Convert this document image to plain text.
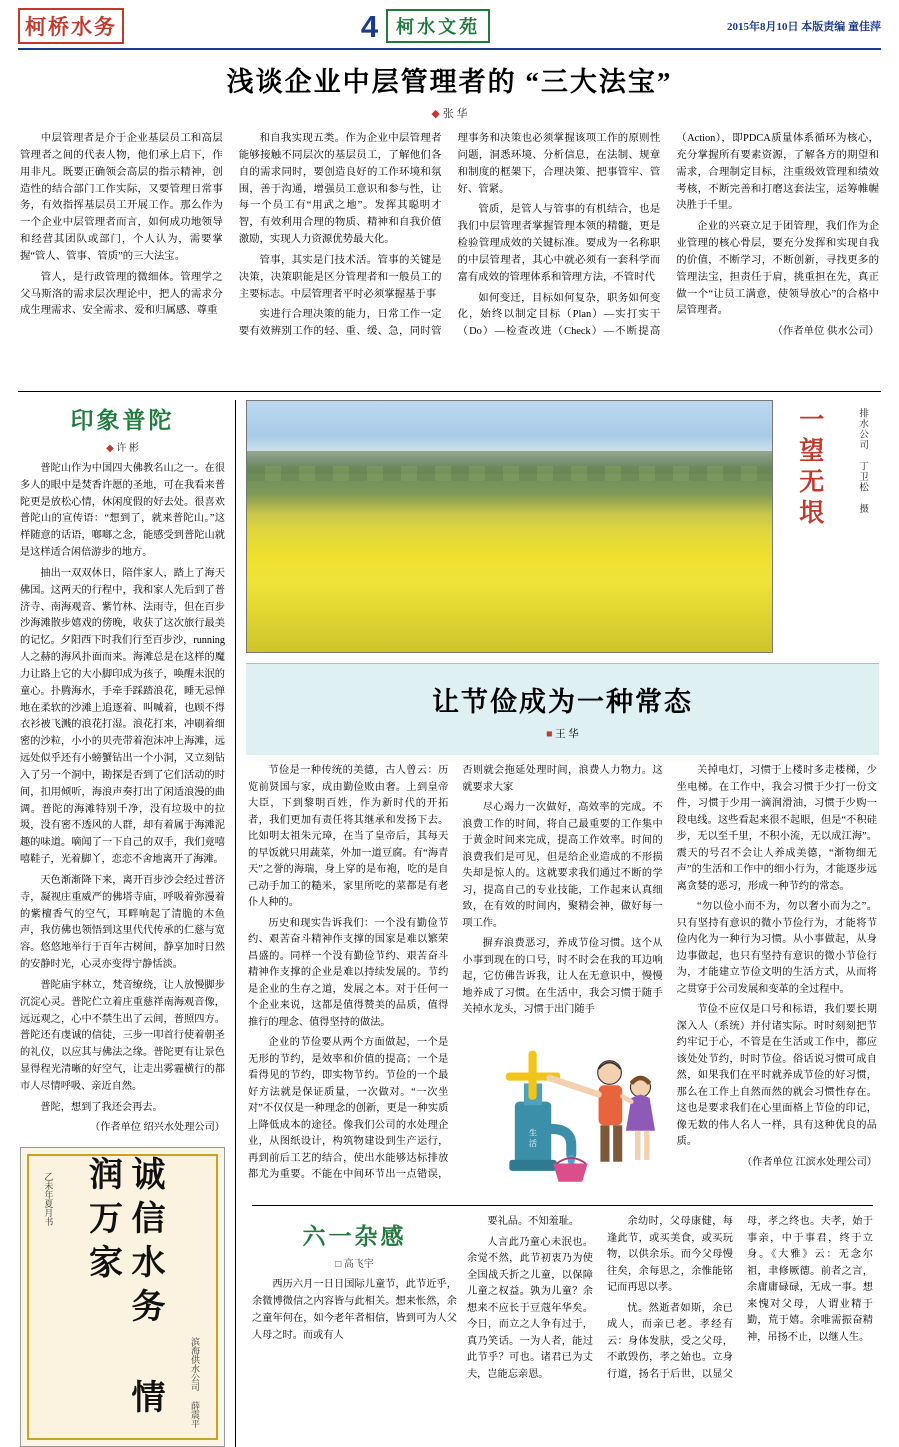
柯桥水务	4	柯水文苑	2015年8月10日 本版责编 童佳萍
浅谈企业中层管理者的 “三大法宝”
◆ 张 华

中层管理者是介于企业基层员工和高层管理者之间的代表人物，他们承上启下，作用非凡。既要正确领会高层的指示精神，创造性的结合部门工作实际，又要管理日常事务，有效指挥基层员工开展工作。那么作为一个企业中层管理者而言，如何成功地领导和经营其团队或部门，个人认为，需要掌握“管人、管事、管质”的三大法宝。

管人，是行政管理的微细体。管理学之父马斯洛的需求层次理论中，把人的需求分成生理需求、安全需求、爱和归属感、尊重

和自我实现五类。作为企业中层管理者能够接触不同层次的基层员工，了解他们各自的需求同时，要创造良好的工作环境和氛围，善于沟通，增强员工意识和参与性，让每一个员工有“用武之地”。发挥其聪明才智，有效利用合理的物质、精神和自我价值激励，实现人力资源优势最大化。

管事，其实是门技术活。管事的关键是决策，决策职能是区分管理者和一般员工的主要标志。中层管理者平时必须掌握基于事

实进行合理决策的能力，日常工作一定要有效辨别工作的轻、重、缓、急，同时管理事务和决策也必须掌握该项工作的原则性问题，洞悉环境、分析信息，在法制、规章和制度的框架下，合理决策、把事管牢、管好、管紧。

管质，是管人与管事的有机结合，也是我们中层管理者掌握管理本领的精髓，更是检验管理成效的关键标准。要成为一名称职的中层管理者，其心中就必须有一套科学而富有成效的管理体系和管理方法，不管时代

如何变迁，目标如何复杂，职务如何变化，始终以制定目标（Plan）—实打实干（Do）—检查改进（Check）—不断提高（Action），即PDCA质量体系循环为核心，充分掌握所有要素资源，了解各方的期望和需求，合理制定目标，注重级效管理和绩效考核，不断完善和打磨这套法宝，运筹帷幄 决胜于千里。

企业的兴衰立足于团管理，我们作为企业管理的核心骨层，要充分发挥和实现自我的价值，不断学习，不断创新，寻找更多的管理法宝，担责任于肩，挑重担在先，真正做一个“让员工满意，使领导放心”的合格中层管理者。

（作者单位 供水公司）

印象普陀
◆ 许 彬

普陀山作为中国四大佛教名山之一。在很多人的眼中是焚香许愿的圣地，可在我看来普陀更是放松心情，休闲度假的好去处。很喜欢普陀山的宣传语：“想到了，就来普陀山。”这样随意的话语，啷啷之念，能感受到普陀山就是这样适合闲倍游步的地方。

抽出一双双休日，陪伴家人，踏上了海天佛国。这两天的行程中，我和家人先后到了普济寺、南海观音、紫竹林、法雨寺，但在百步沙海滩散步嬉戏的傍晚，收获了这次旅行最美的记忆。夕阳西下时我们行至百步沙，running 人之赫的海风扑面而来。海滩总是在这样的魔力让路上它的大小脚印成为孩子，唤醒未泯的童心。扑腾海水，手牵手踩踏浪花，睡无忌惮地在柔软的沙滩上追逐着、叫喊着，也顾不得衣衫被飞溅的浪花打湿。浪花打来，冲刷着细密的沙粒，小小的贝壳带着泡沫冲上海滩，远远处似乎还有小螃蟹钻出一个小洞，又立刻钻入了另一个洞中，勘探是否到了它们活动的时间，扣用倾听，海浪声奏打出了闲适浪漫的曲调。普陀的海滩特别千净，没有垃圾中的拉圾，没有密不透风的人群，却有着属于海滩泥趣的味道。嘀闻了一下自己的双手，我们竟嘻嘻鞋子，光着脚丫，恋恋不舍地离开了海滩。

天色渐渐降下来，离开百步沙会经过普济寺，凝视庄重威严的佛塔寺庙，呼吸着弥漫着的紫檀香气的空气，耳畔响起了清脆的木鱼声，我仿佛也领悟到这里代代传承的仁慈与宽容。悠悠地举行于百年古树间，静享加时日然的安静时光，心灵亦变得宁静恬淡。

普陀庙宇林立，梵音缭绕，让人放慢脚步沉淀心灵。普陀伫立着庄重慈祥南海观音像，远远观之，心中不禁生出了云间，普照四方。普陀还有虔诚的信徒，三步一叩首行使着朝圣的礼仪，以应其与佛法之缘。普陀更有让景色显得程光清晰的好空气，让走出雾霾横行的都市人尽情呼吸、亲近自然。

普陀，想到了我还会再去。

（作者单位 绍兴水处理公司）

诚信水务 情润万家
乙未年夏月书
滨海供水公司 薛震平
一望无垠	排水公司 丁卫松 摄
让节俭成为一种常态
■ 王 华

节俭是一种传统的美德，古人曾云：历览前贤国与家，成由勤俭败由奢。上到皇帝大臣，下到黎明百姓，作为新时代的开拓者，我们更加有责任将其继承和发扬下去。比如明太祖朱元璋，在当了皇帝后，其每天的早饭就只用蔬菜，外加一道豆腐。有“海青天”之誉的海瑞，身上穿的是布袍，吃的是自己动手加工的糙米，家里所吃的菜都是有老仆人种的。

历史和现实告诉我们：一个没有勤俭节约、艰苦奋斗精神作支撑的国家是难以繁荣昌盛的。同样一个没有勤俭节约、艰苦奋斗精神作支撑的企业是难以持续发展的。节约是企业的生存之道，发展之本。对于任何一个企业来说，这都是值得赞美的品质，值得推行的理念、值得坚持的做法。

企业的节俭要从两个方面做起，一个是无形的节约，是效率和价值的提高；一个是看得见的节约，即实物节约。节俭的一个最好方法就是保证质量，一次做对。“一次坐对”不仅仅是一种理念的创新，更是一种实质上降低成本的途径。像我们公司的水处理企业，从图纸设计，构筑物建设到生产运行，再到前后工艺的结合，使出水能够达标排放都尤为重要。不能在中间环节出一点错误，否则就会拖延处理时间，浪费人力物力。这就要求大家

尽心竭力一次做好，高效率的完成。不浪费工作的时间，将自己最重要的工作集中于黄金时间来完成，提高工作效率。时间的浪费我们是可见，但是给企业造成的不形损失却是惊人的。这就要求我们通过不断的学习，提高自己的专业技能，工作起来认真细致，在有效的时间内，聚精会神，做好每一项工作。

摒弃浪费恶习，养成节俭习惯。这个从小事到现在的口号，时不时会在我的耳边响起，它仿佛告诉我，让人在无意识中，慢慢地养成了习惯。在生活中，我会习惯于随手关掉水龙头，习惯于出门随手

生
活

关掉电灯，习惯于上楼时多走楼梯，少坐电梯。在工作中，我会习惯于少打一份文件，习惯于少用一滴润滑油，习惯于少购一段电线。这些看起来很不起眼，但是“不积硅步，无以至千里，不积小流，无以成江海”。震天的号召不会让人养成美德，“渐物细无声”的生活和工作中的细小行为，才能逐步远离贪婪的恶习，形成一种节约的常态。

“勿以俭小而不为，勿以奢小而为之”。只有坚持有意识的微小节俭行为，才能将节俭内化为一种行为习惯。从小事做起，从身边事做起，也只有坚持有意识的微小节俭行为，才能建立节俭文明的生活方式，从而将之贯穿于公司发展和变革的全过程中。

节俭不应仅是口号和标语，我们要长期深入人（系统）并付诸实际。时时刻刻把节约牢记于心，不管是在生活或工作中，都应该处处节约，时时节俭。俗话说习惯可成自然，如果我们在平时就养成节俭的好习惯，那么在工作上自然而然的就会习惯性存在。这也是要求我们在心里面格上节俭的印记，像无数的伟人名人一样，具有这种优良的品质。

（作者单位 江滨水处理公司）

六一杂感
□ 高飞宇

西历六月一日日国际儿童节，此节近乎，余微博微信之内容皆与此相关。想来怅然，余之童年何在，如今老年者相信，皆到可为人父人母之时。而或有人

要礼品。不知羞耻。

人言此乃童心未泯也。余觉不然，此节初衷乃为使全国战夭折之儿童，以保障儿童之权益。孰为儿童？余想来不应长于豆蔻年华矣。今日，而立之人争有过于，真乃笑话。一为人者，能过此节乎？可也。诸君已为丈夫，岂能忘亲恩。

余幼时，父母康健，每逢此节，或买美食，或买玩物，以供余乐。而今父母慢往矣，余每思之，余惟能铭记而再思以孝。

忧。然逝者如斯，余已成人，而亲已老。孝经有云：身体发肤，受之父母，不敢毁伤，孝之始也。立身行道，扬名于后世，以显父母，孝之终也。夫孝，始于事亲，中于事君，终于立身。《大雅》云：无念尔祖，聿修厥德。前者之言，余庸庸碌碌，无成一事。想来愧对父母，人谓业精于勤，荒于嬉。余唯需振奋精神，吊扬不止，以继人生。
